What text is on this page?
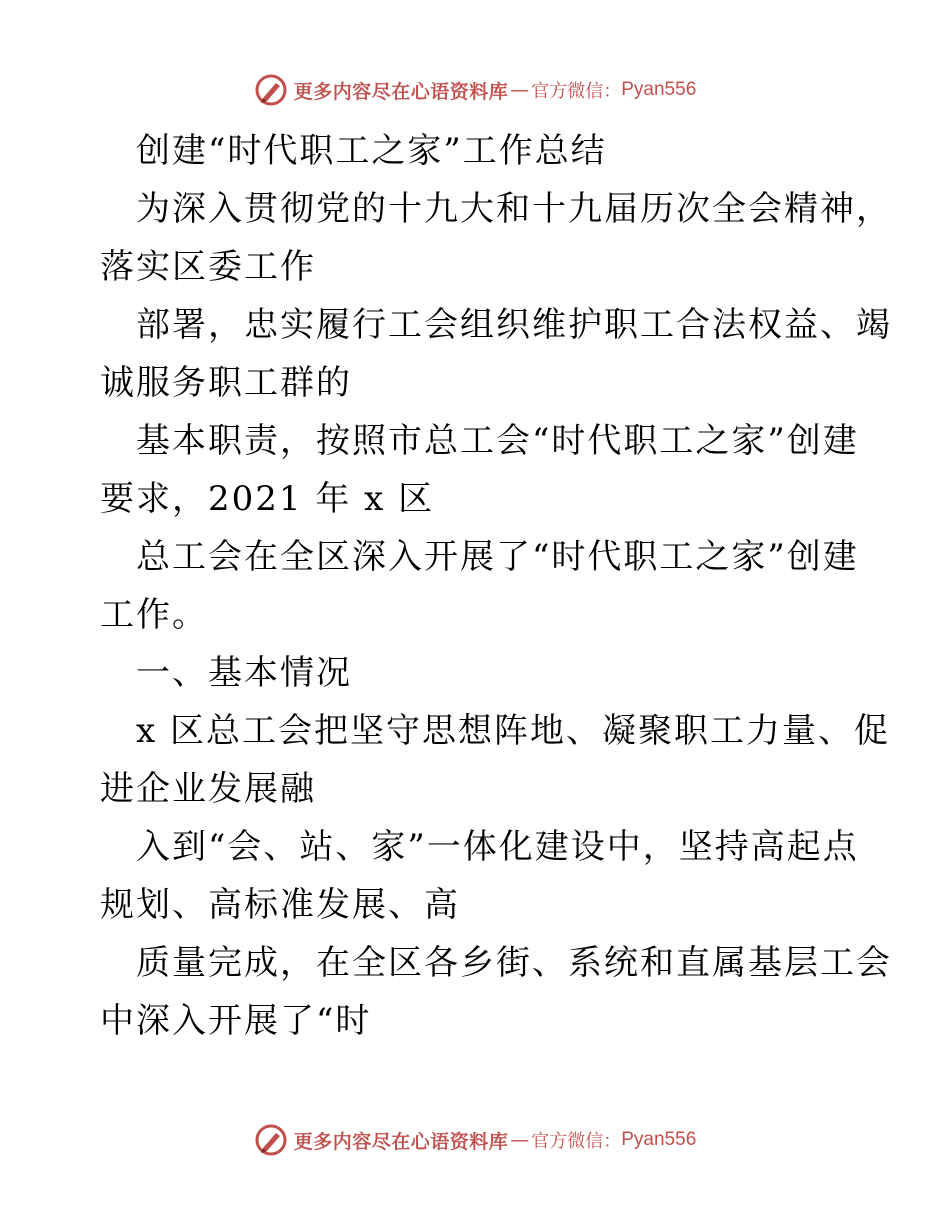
更多内容尽在心语资料库 — 官方微信： Pyan556
创建“时代职工之家”工作总结
为深入贯彻党的十九大和十九届历次全会精神，
落实区委工作
部署，忠实履行工会组织维护职工合法权益、竭
诚服务职工群的
基本职责，按照市总工会“时代职工之家”创建
要求，2021 年 x 区
总工会在全区深入开展了“时代职工之家”创建
工作。
一、基本情况
x 区总工会把坚守思想阵地、凝聚职工力量、促
进企业发展融
入到“会、站、家”一体化建设中，坚持高起点
规划、高标准发展、高
质量完成，在全区各乡街、系统和直属基层工会
中深入开展了“时
更多内容尽在心语资料库 — 官方微信： Pyan556
